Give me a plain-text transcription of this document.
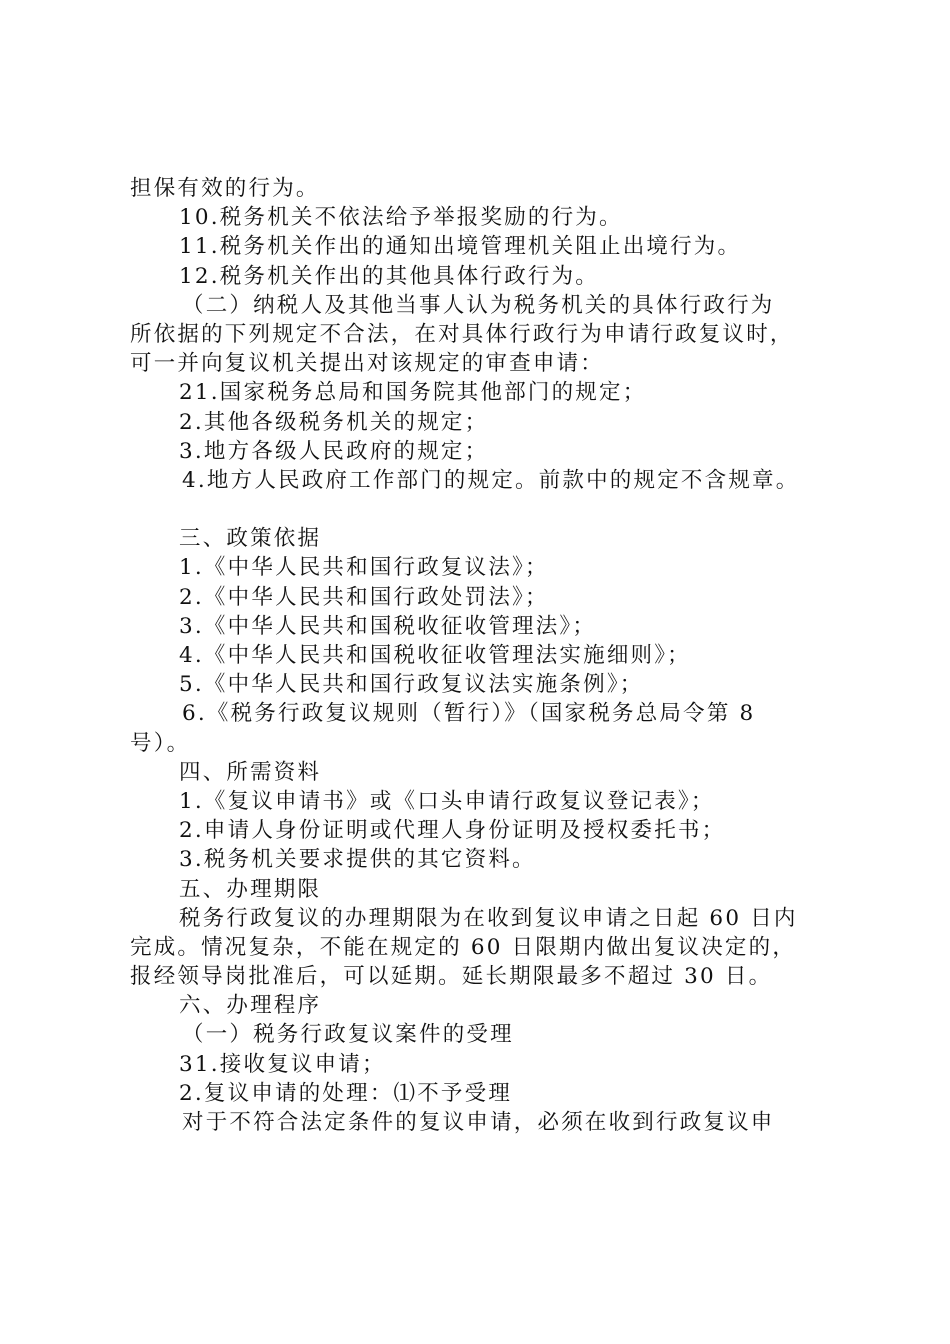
担保有效的行为。
10.税务机关不依法给予举报奖励的行为。
11.税务机关作出的通知出境管理机关阻止出境行为。
12.税务机关作出的其他具体行政行为。
（二）纳税人及其他当事人认为税务机关的具体行政行为
所依据的下列规定不合法，在对具体行政行为申请行政复议时，
可一并向复议机关提出对该规定的审查申请：
21.国家税务总局和国务院其他部门的规定；
2.其他各级税务机关的规定；
3.地方各级人民政府的规定；
4.地方人民政府工作部门的规定。前款中的规定不含规章。
三、政策依据
1.《中华人民共和国行政复议法》；
2.《中华人民共和国行政处罚法》；
3.《中华人民共和国税收征收管理法》；
4.《中华人民共和国税收征收管理法实施细则》；
5.《中华人民共和国行政复议法实施条例》；
6.《税务行政复议规则（暂行）》（国家税务总局令第 8
号）。
四、所需资料
1.《复议申请书》或《口头申请行政复议登记表》；
2.申请人身份证明或代理人身份证明及授权委托书；
3.税务机关要求提供的其它资料。
五、办理期限
税务行政复议的办理期限为在收到复议申请之日起 60 日内
完成。情况复杂，不能在规定的 60 日限期内做出复议决定的，
报经领导岗批准后，可以延期。延长期限最多不超过 30 日。
六、办理程序
（一）税务行政复议案件的受理
31.接收复议申请；
2.复议申请的处理：⑴不予受理
对于不符合法定条件的复议申请，必须在收到行政复议申
